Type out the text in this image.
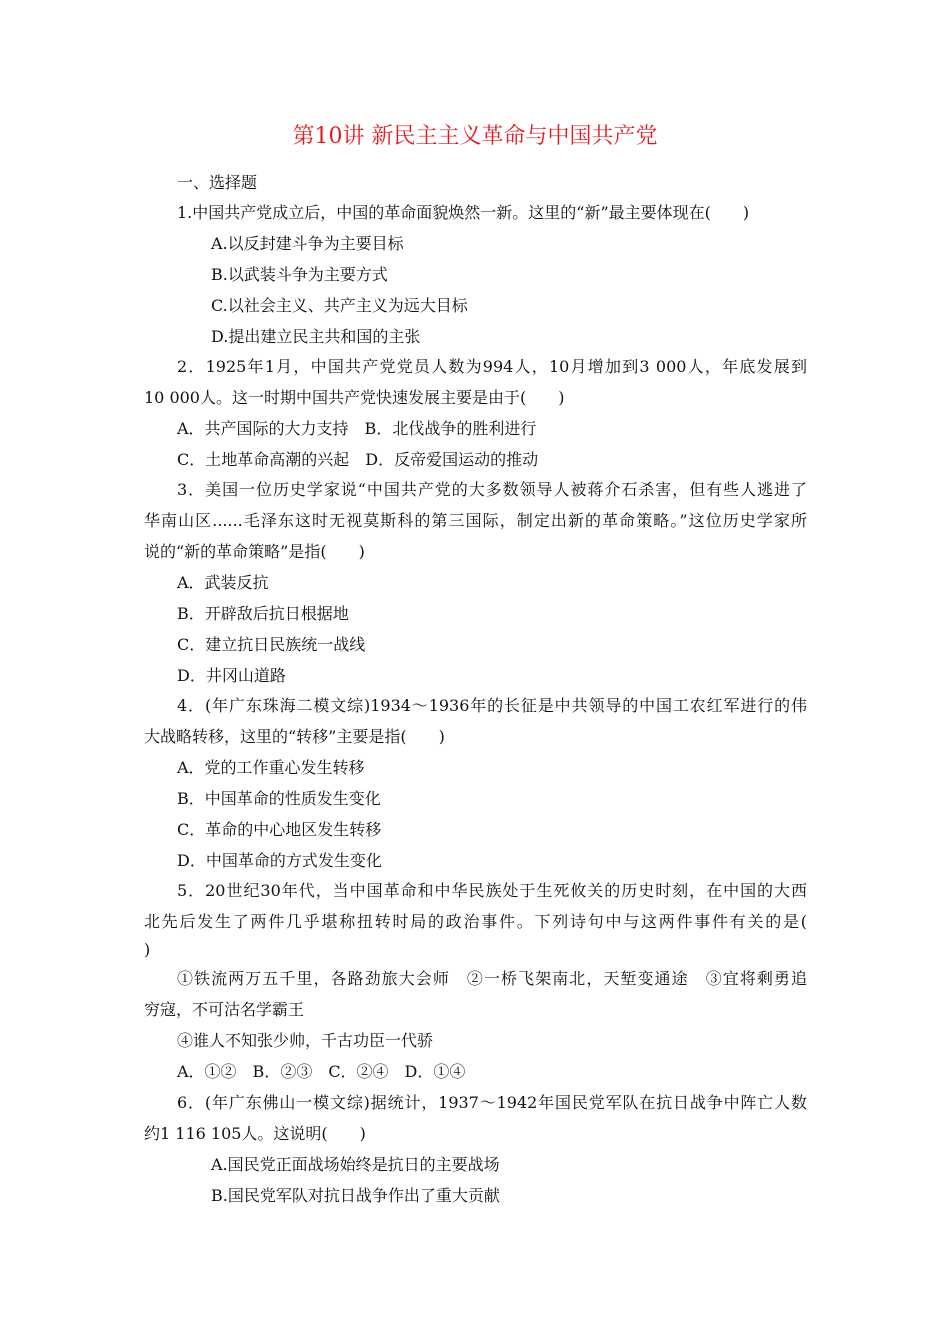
第10讲 新民主主义革命与中国共产党
一、选择题
1.中国共产党成立后，中国的革命面貌焕然一新。这里的“新”最主要体现在(　　)
A.以反封建斗争为主要目标
B.以武装斗争为主要方式
C.以社会主义、共产主义为远大目标
D.提出建立民主共和国的主张
2．1925年1月，中国共产党党员人数为994人，10月增加到3 000人，年底发展到
10 000人。这一时期中国共产党快速发展主要是由于(　　)
A．共产国际的大力支持　B．北伐战争的胜利进行
C．土地革命高潮的兴起　D．反帝爱国运动的推动
3．美国一位历史学家说“中国共产党的大多数领导人被蒋介石杀害，但有些人逃进了
华南山区......毛泽东这时无视莫斯科的第三国际，制定出新的革命策略。”这位历史学家所
说的“新的革命策略”是指(　　)
A．武装反抗
B．开辟敌后抗日根据地
C．建立抗日民族统一战线
D．井冈山道路
4．(年广东珠海二模文综)1934～1936年的长征是中共领导的中国工农红军进行的伟
大战略转移，这里的“转移”主要是指(　　)
A．党的工作重心发生转移
B．中国革命的性质发生变化
C．革命的中心地区发生转移
D．中国革命的方式发生变化
5．20世纪30年代，当中国革命和中华民族处于生死攸关的历史时刻，在中国的大西
北先后发生了两件几乎堪称扭转时局的政治事件。下列诗句中与这两件事件有关的是(
)
①铁流两万五千里，各路劲旅大会师　②一桥飞架南北，天堑变通途　③宜将剩勇追
穷寇，不可沽名学霸王
④谁人不知张少帅，千古功臣一代骄
A．①②　B．②③　C．②④　D．①④
6．(年广东佛山一模文综)据统计，1937～1942年国民党军队在抗日战争中阵亡人数
约1 116 105人。这说明(　　)
A.国民党正面战场始终是抗日的主要战场
B.国民党军队对抗日战争作出了重大贡献
